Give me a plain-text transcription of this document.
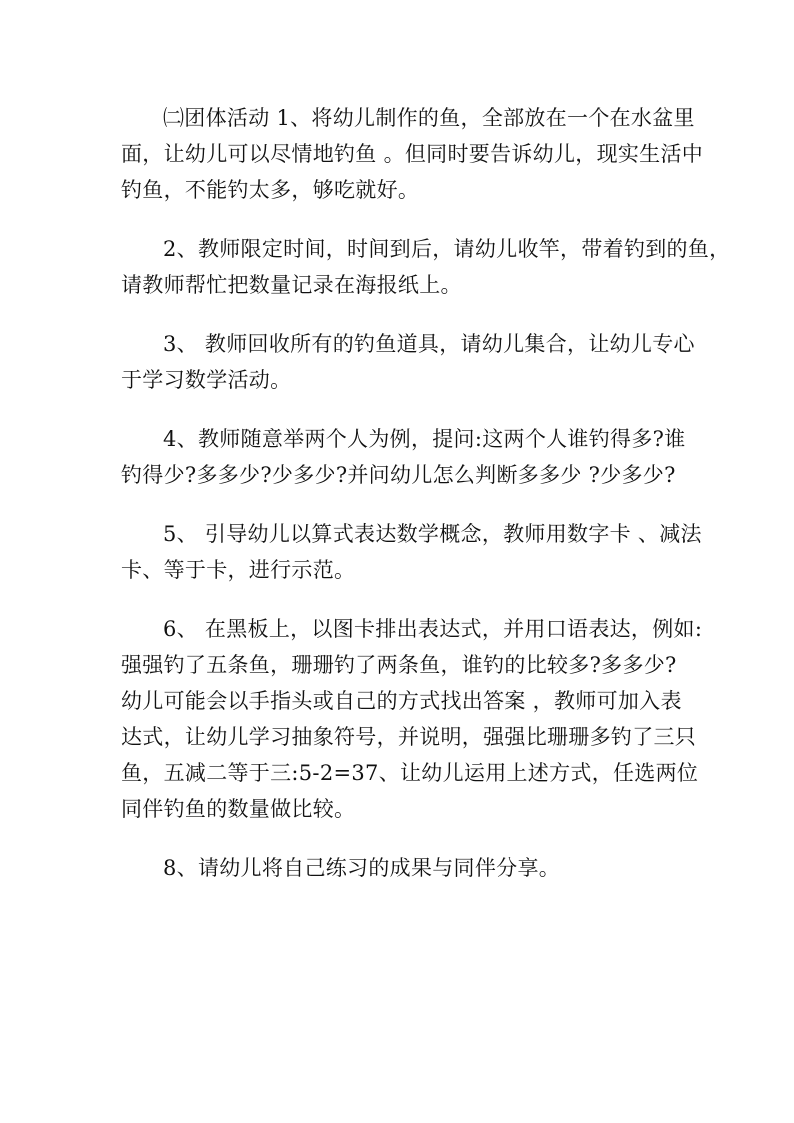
㈡团体活动 1、将幼儿制作的鱼，全部放在一个在水盆里
面，让幼儿可以尽情地钓鱼 。但同时要告诉幼儿，现实生活中
钓鱼，不能钓太多，够吃就好。

2、教师限定时间，时间到后，请幼儿收竿，带着钓到的鱼，
请教师帮忙把数量记录在海报纸上。

3、 教师回收所有的钓鱼道具，请幼儿集合，让幼儿专心
于学习数学活动。

4、教师随意举两个人为例，提问:这两个人谁钓得多?谁
钓得少?多多少?少多少?并问幼儿怎么判断多多少 ?少多少?

5、 引导幼儿以算式表达数学概念，教师用数字卡 、减法
卡、等于卡，进行示范。

6、 在黑板上，以图卡排出表达式，并用口语表达，例如:
强强钓了五条鱼，珊珊钓了两条鱼，谁钓的比较多?多多少?
幼儿可能会以手指头或自己的方式找出答案 ，教师可加入表
达式，让幼儿学习抽象符号，并说明，强强比珊珊多钓了三只
鱼，五减二等于三:5-2=37、让幼儿运用上述方式，任选两位
同伴钓鱼的数量做比较。

8、请幼儿将自己练习的成果与同伴分享。
